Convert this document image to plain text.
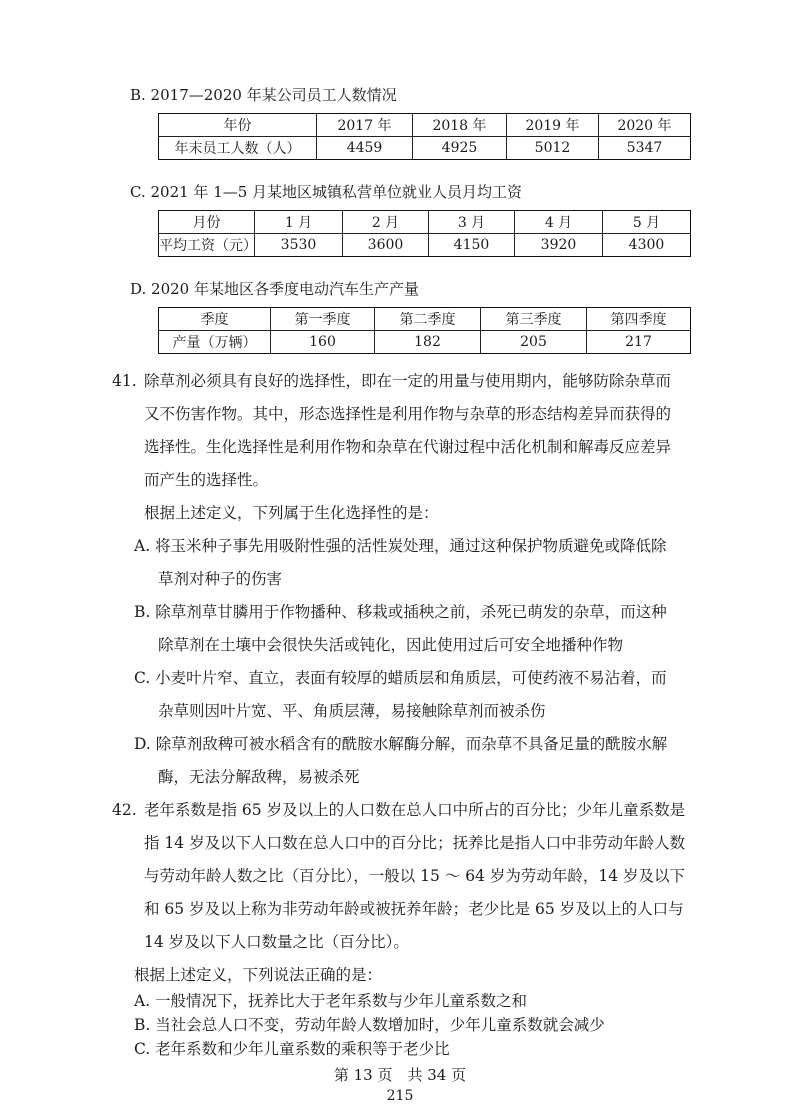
B. 2017—2020 年某公司员工人数情况
年份	2017 年	2018 年	2019 年	2020 年
年末员工人数（人）	4459	4925	5012	5347
C. 2021 年 1—5 月某地区城镇私营单位就业人员月均工资
月份	1 月	2 月	3 月	4 月	5 月
平均工资（元）	3530	3600	4150	3920	4300
D. 2020 年某地区各季度电动汽车生产产量
季度	第一季度	第二季度	第三季度	第四季度
产量（万辆）	160	182	205	217
41. 除草剂必须具有良好的选择性，即在一定的用量与使用期内，能够防除杂草而
又不伤害作物。其中，形态选择性是利用作物与杂草的形态结构差异而获得的
选择性。生化选择性是利用作物和杂草在代谢过程中活化机制和解毒反应差异
而产生的选择性。
根据上述定义，下列属于生化选择性的是：
A. 将玉米种子事先用吸附性强的活性炭处理，通过这种保护物质避免或降低除
草剂对种子的伤害
B. 除草剂草甘膦用于作物播种、移栽或插秧之前，杀死已萌发的杂草，而这种
除草剂在土壤中会很快失活或钝化，因此使用过后可安全地播种作物
C. 小麦叶片窄、直立，表面有较厚的蜡质层和角质层，可使药液不易沾着，而
杂草则因叶片宽、平、角质层薄，易接触除草剂而被杀伤
D. 除草剂敌稗可被水稻含有的酰胺水解酶分解，而杂草不具备足量的酰胺水解
酶，无法分解敌稗，易被杀死
42. 老年系数是指 65 岁及以上的人口数在总人口中所占的百分比；少年儿童系数是
指 14 岁及以下人口数在总人口中的百分比；抚养比是指人口中非劳动年龄人数
与劳动年龄人数之比（百分比），一般以 15 ～ 64 岁为劳动年龄，14 岁及以下
和 65 岁及以上称为非劳动年龄或被抚养年龄；老少比是 65 岁及以上的人口与
14 岁及以下人口数量之比（百分比）。
根据上述定义，下列说法正确的是：
A. 一般情况下，抚养比大于老年系数与少年儿童系数之和
B. 当社会总人口不变，劳动年龄人数增加时，少年儿童系数就会减少
C. 老年系数和少年儿童系数的乘积等于老少比
第 13 页　共 34 页
215
